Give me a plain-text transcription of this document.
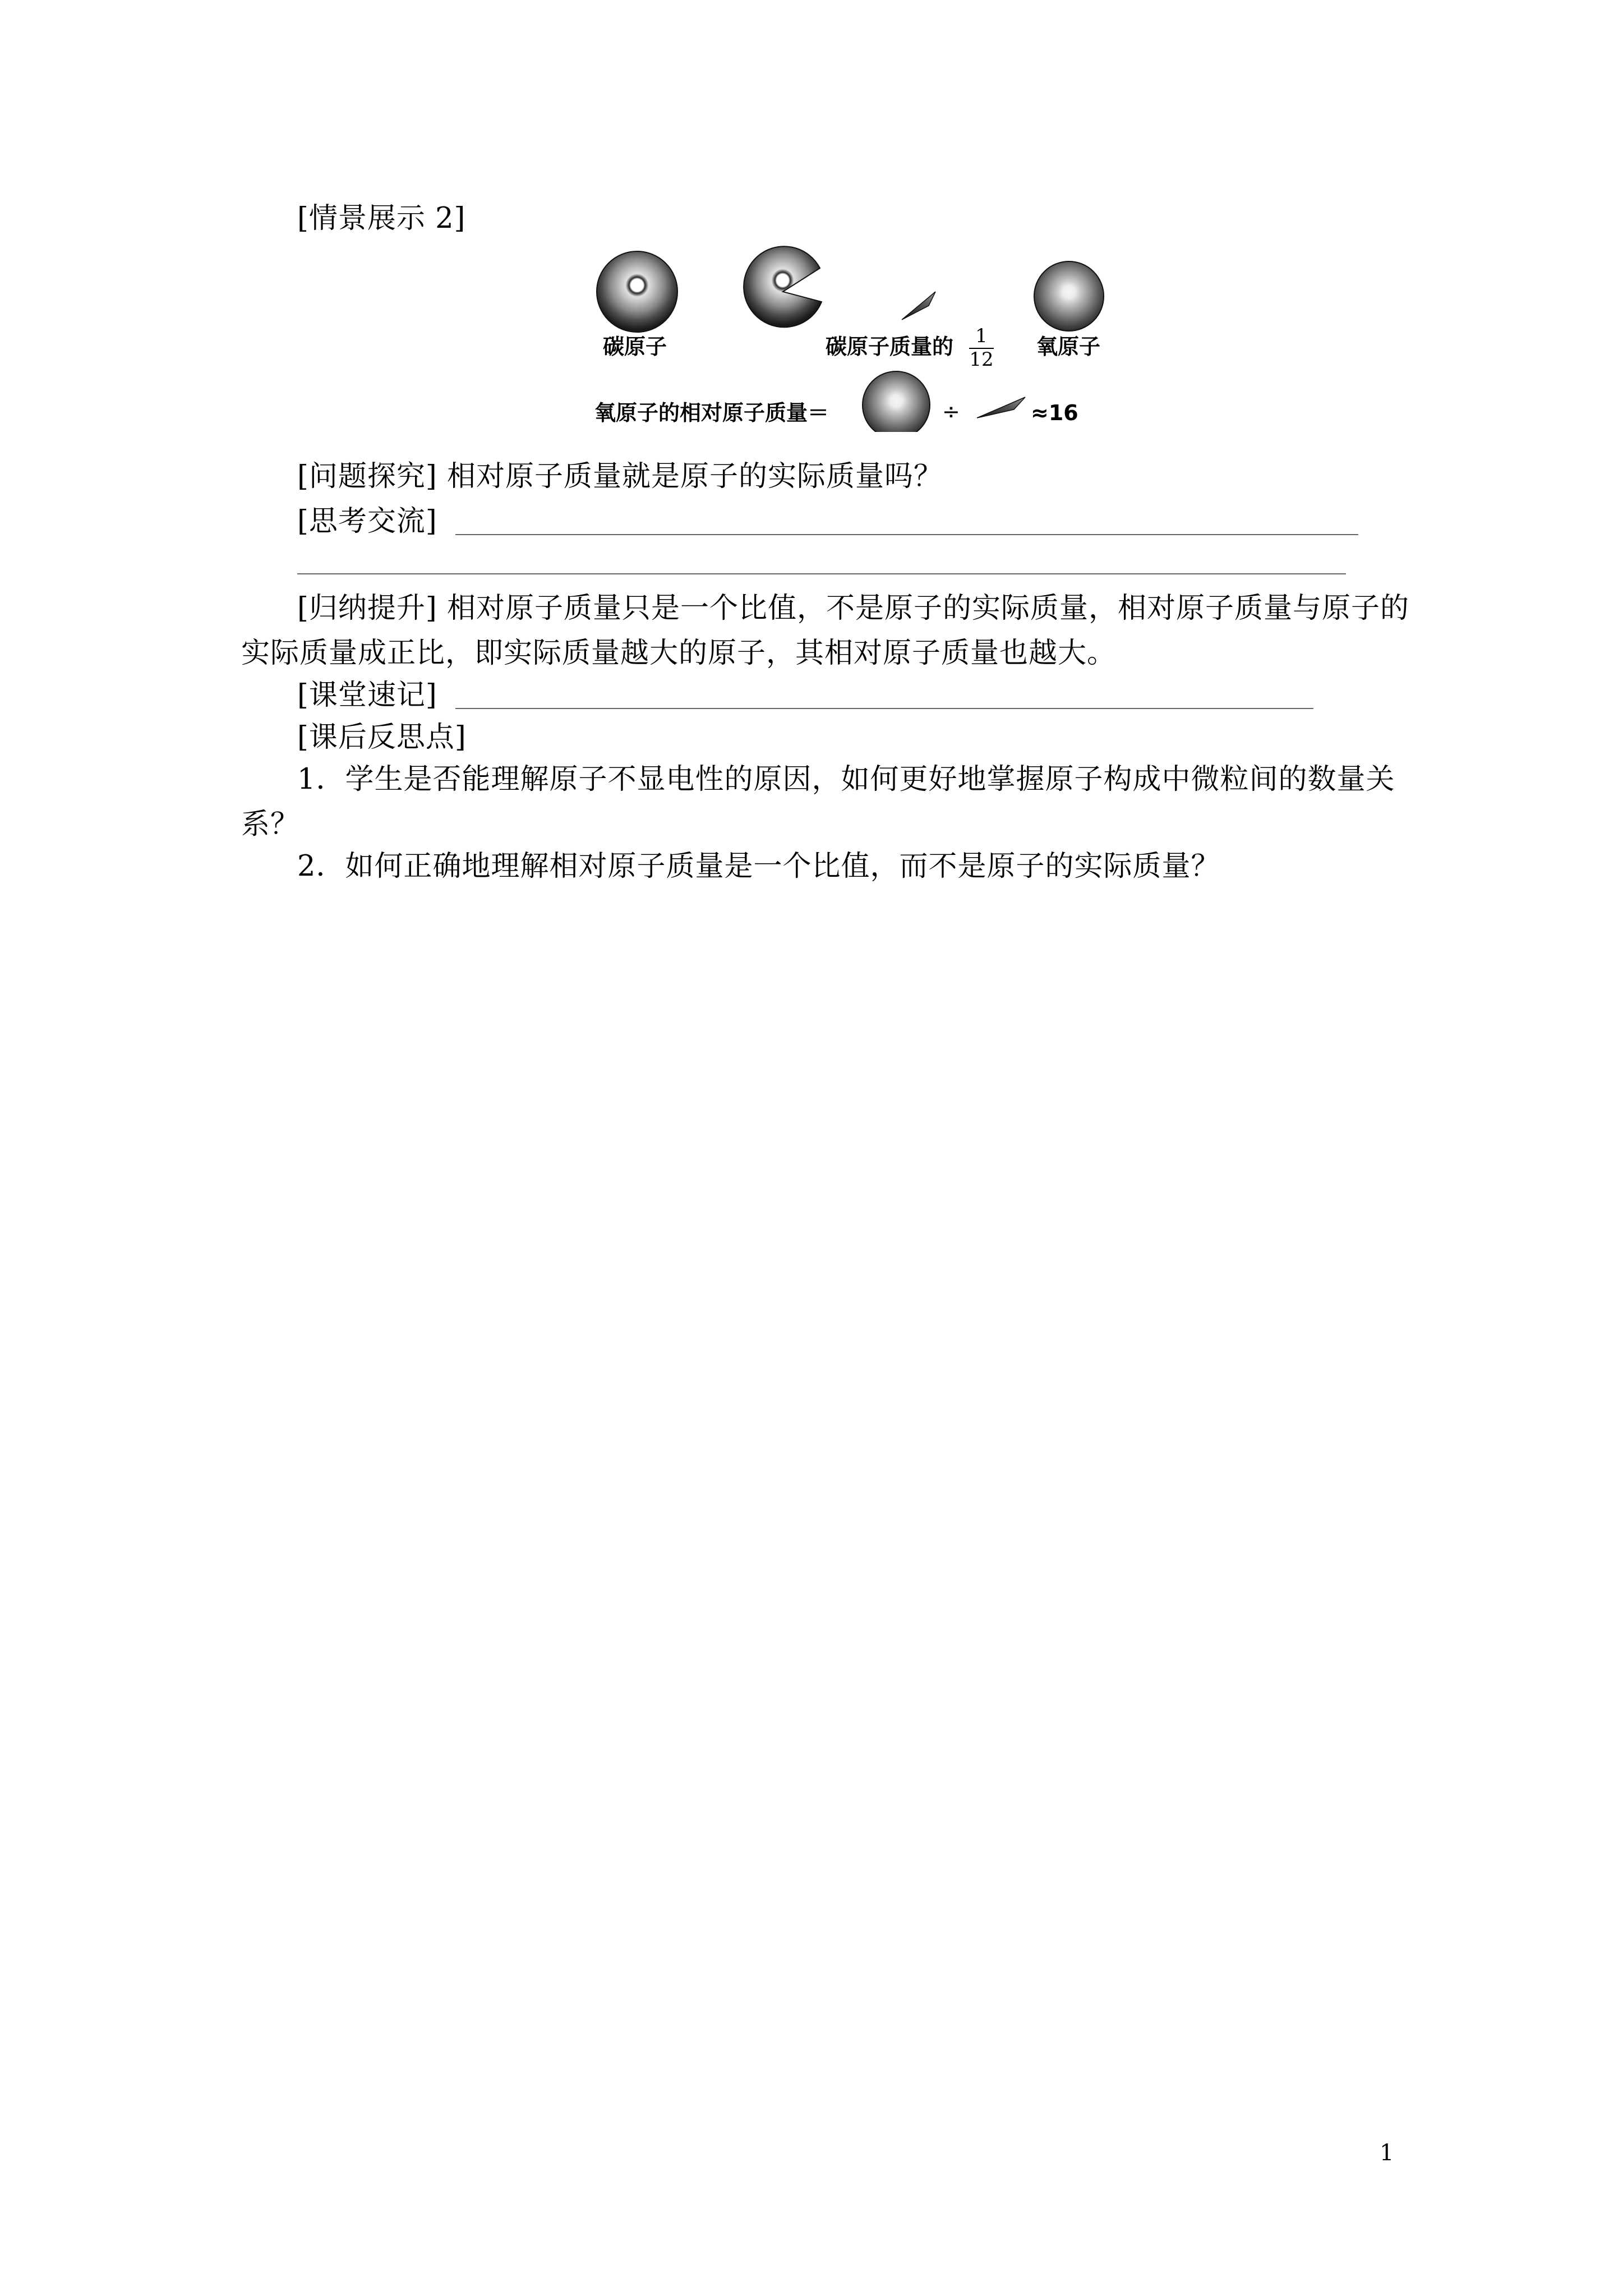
[情景展示 2]
碳原子	碳原子质量的	1
12
氧原子
氧原子的相对原子质量＝	÷	≈16
[问题探究] 相对原子质量就是原子的实际质量吗？
[思考交流]
[归纳提升] 相对原子质量只是一个比值，不是原子的实际质量，相对原子质量与原子的
实际质量成正比，即实际质量越大的原子，其相对原子质量也越大。
[课堂速记]
[课后反思点]
1．学生是否能理解原子不显电性的原因，如何更好地掌握原子构成中微粒间的数量关
系？
2．如何正确地理解相对原子质量是一个比值，而不是原子的实际质量？
1
